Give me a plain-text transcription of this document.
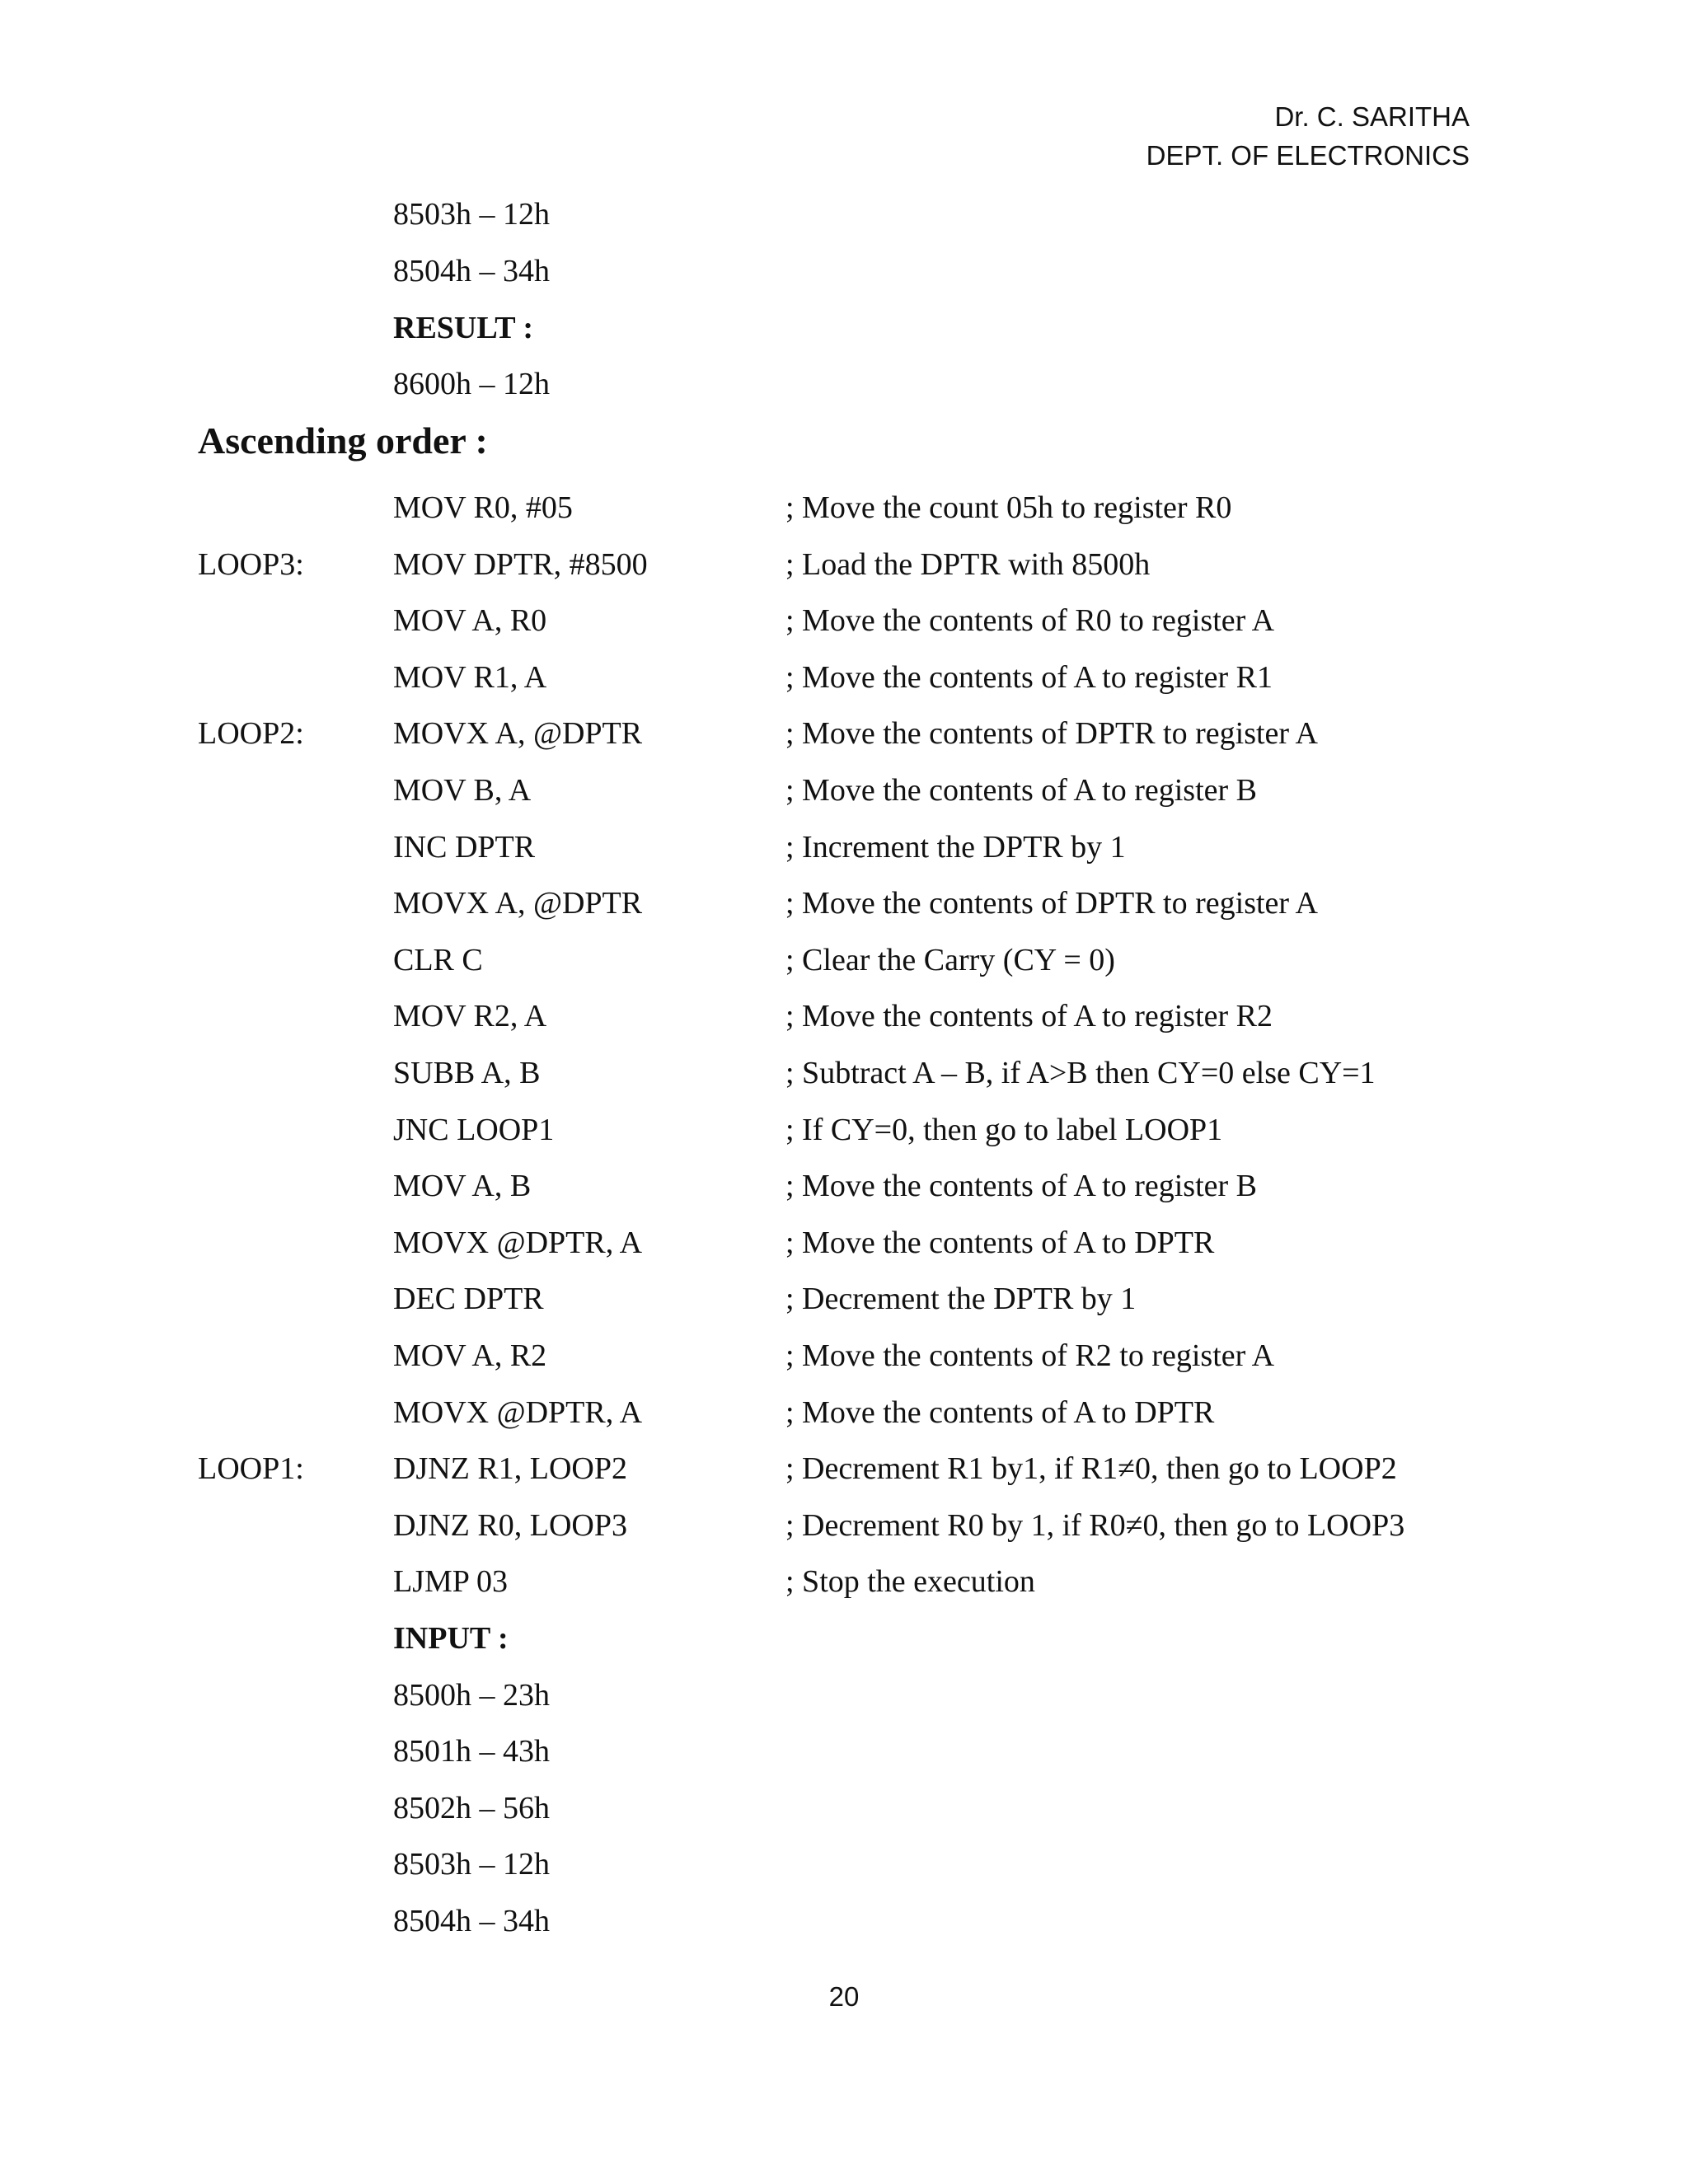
Dr. C. SARITHA
DEPT. OF ELECTRONICS
8503h – 12h
8504h – 34h
RESULT :
8600h – 12h
Ascending order :
MOV R0, #05	; Move the count 05h to register R0
LOOP3:	MOV DPTR, #8500	; Load the DPTR with 8500h
MOV A, R0	; Move the contents of R0 to register A
MOV R1, A	; Move the contents of A to register R1
LOOP2:	MOVX A, @DPTR	; Move the contents of DPTR to register A
MOV B, A	; Move the contents of A to register B
INC DPTR	; Increment the DPTR by 1
MOVX A, @DPTR	; Move the contents of DPTR to register A
CLR C	; Clear the Carry (CY = 0)
MOV R2, A	; Move the contents of A to register R2
SUBB A, B	; Subtract A – B, if A>B then CY=0 else CY=1
JNC LOOP1	; If CY=0, then go to label LOOP1
MOV A, B	; Move the contents of A to register B
MOVX @DPTR, A	; Move the contents of A to DPTR
DEC DPTR	; Decrement the DPTR by 1
MOV A, R2	; Move the contents of R2 to register A
MOVX @DPTR, A	; Move the contents of A to DPTR
LOOP1:	DJNZ R1, LOOP2	; Decrement R1 by1, if R1≠0, then go to LOOP2
DJNZ R0, LOOP3	; Decrement R0 by 1, if R0≠0, then go to LOOP3
LJMP 03	; Stop the execution
INPUT :
8500h – 23h
8501h – 43h
8502h – 56h
8503h – 12h
8504h – 34h
20
